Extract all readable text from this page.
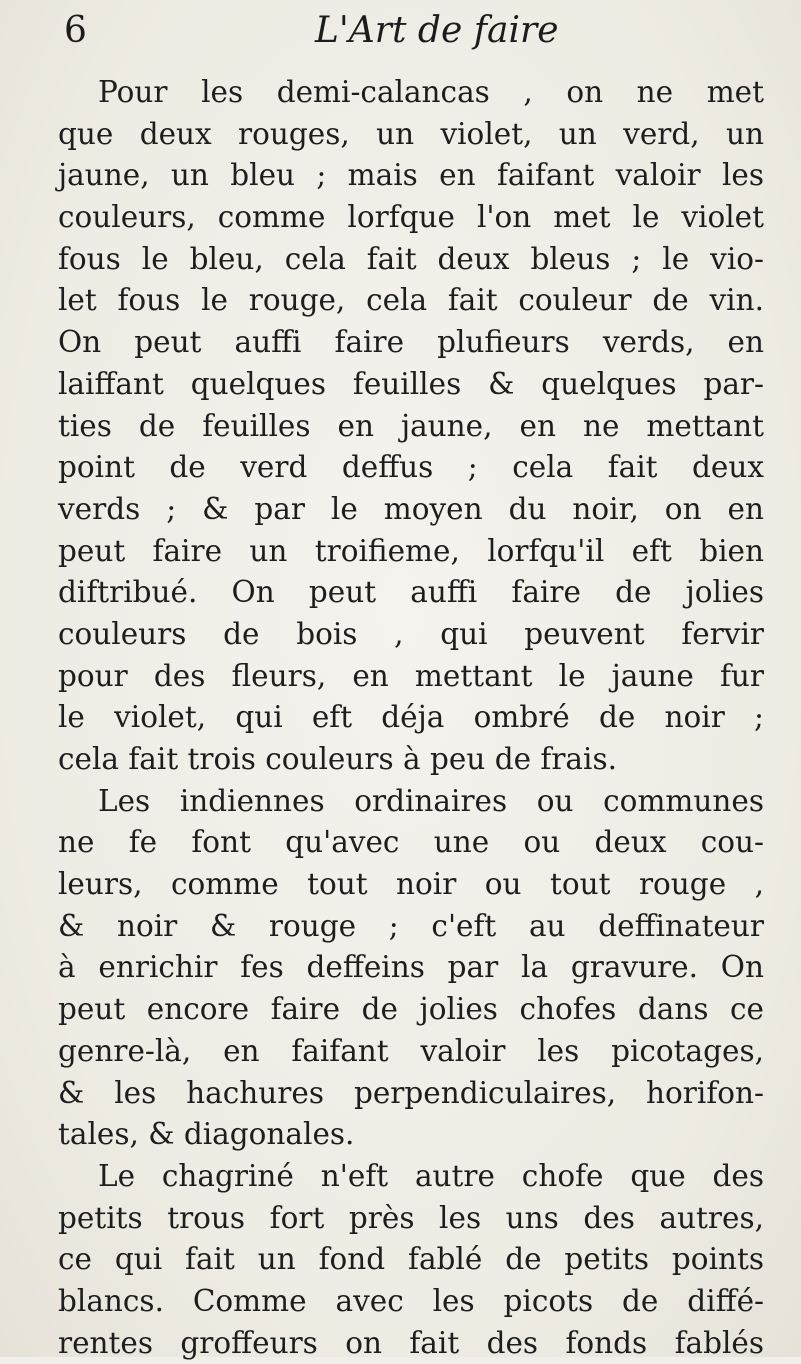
6	L'Art de faire
Pour les demi-calancas , on ne met
que deux rouges, un violet, un verd, un
jaune, un bleu ; mais en faifant valoir les
couleurs, comme lorfque l'on met le violet
fous le bleu, cela fait deux bleus ; le vio-
let fous le rouge, cela fait couleur de vin.
On peut auffi faire plufieurs verds, en
laiffant quelques feuilles & quelques par-
ties de feuilles en jaune, en ne mettant
point de verd deffus ; cela fait deux
verds ; & par le moyen du noir, on en
peut faire un troifieme, lorfqu'il eft bien
diftribué. On peut auffi faire de jolies
couleurs de bois , qui peuvent fervir
pour des fleurs, en mettant le jaune fur
le violet, qui eft déja ombré de noir ;
cela fait trois couleurs à peu de frais.
Les indiennes ordinaires ou communes
ne fe font qu'avec une ou deux cou-
leurs, comme tout noir ou tout rouge ,
& noir & rouge ; c'eft au deffinateur
à enrichir fes deffeins par la gravure. On
peut encore faire de jolies chofes dans ce
genre-là, en faifant valoir les picotages,
& les hachures perpendiculaires, horifon-
tales, & diagonales.
Le chagriné n'eft autre chofe que des
petits trous fort près les uns des autres,
ce qui fait un fond fablé de petits points
blancs. Comme avec les picots de diffé-
rentes groffeurs on fait des fonds fablés
